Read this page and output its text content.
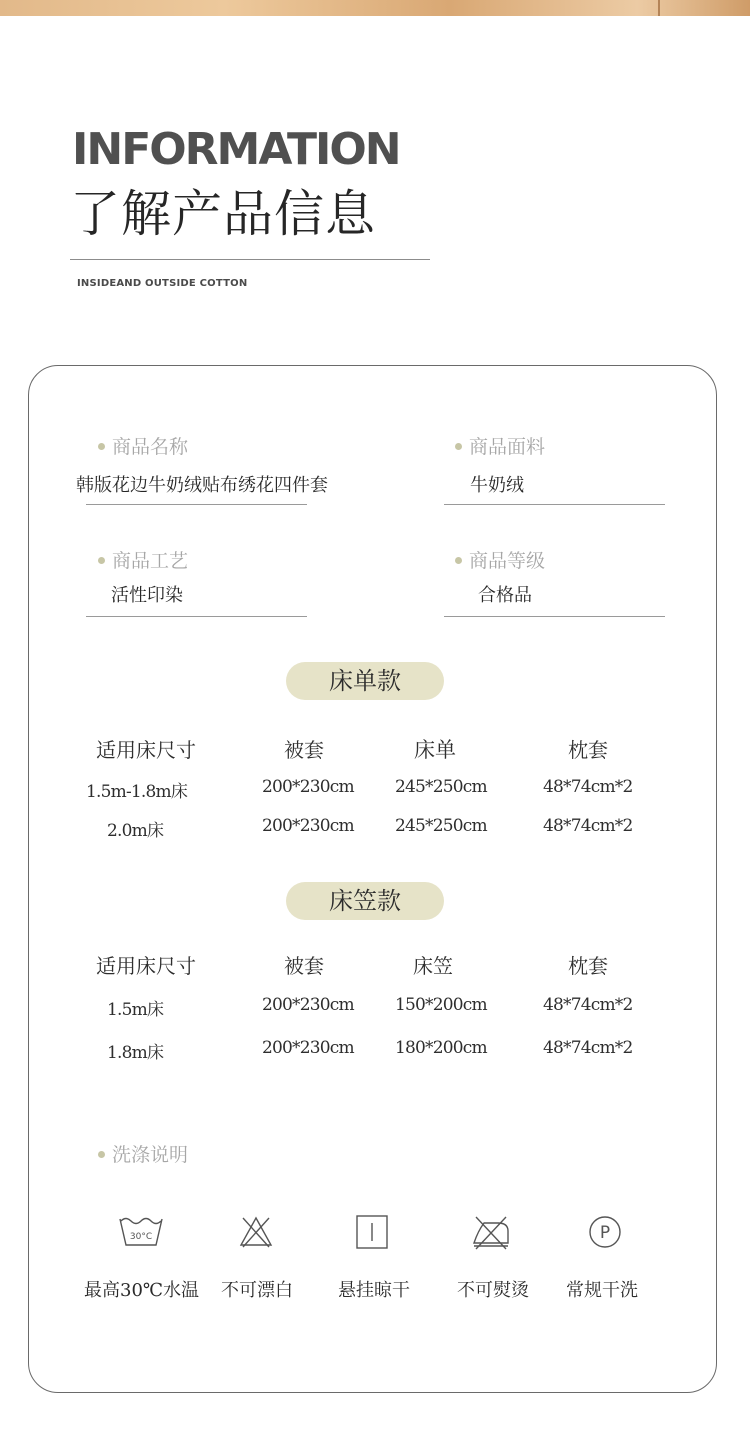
INFORMATION
了解产品信息
INSIDEAND OUTSIDE COTTON
商品名称
韩版花边牛奶绒贴布绣花四件套
商品面料
牛奶绒
商品工艺
活性印染
商品等级
合格品
床单款
适用床尺寸	被套	床单	枕套
1.5m-1.8m床	200*230cm 245*250cm	48*74cm*2
2.0m床	200*230cm 245*250cm	48*74cm*2
床笠款
适用床尺寸	被套	床笠	枕套
1.5m床	200*230cm 150*200cm	48*74cm*2
1.8m床	200*230cm 180*200cm	48*74cm*2
洗涤说明
30°C	P
最高30℃水温 不可漂白	悬挂晾干	不可熨烫 常规干洗
